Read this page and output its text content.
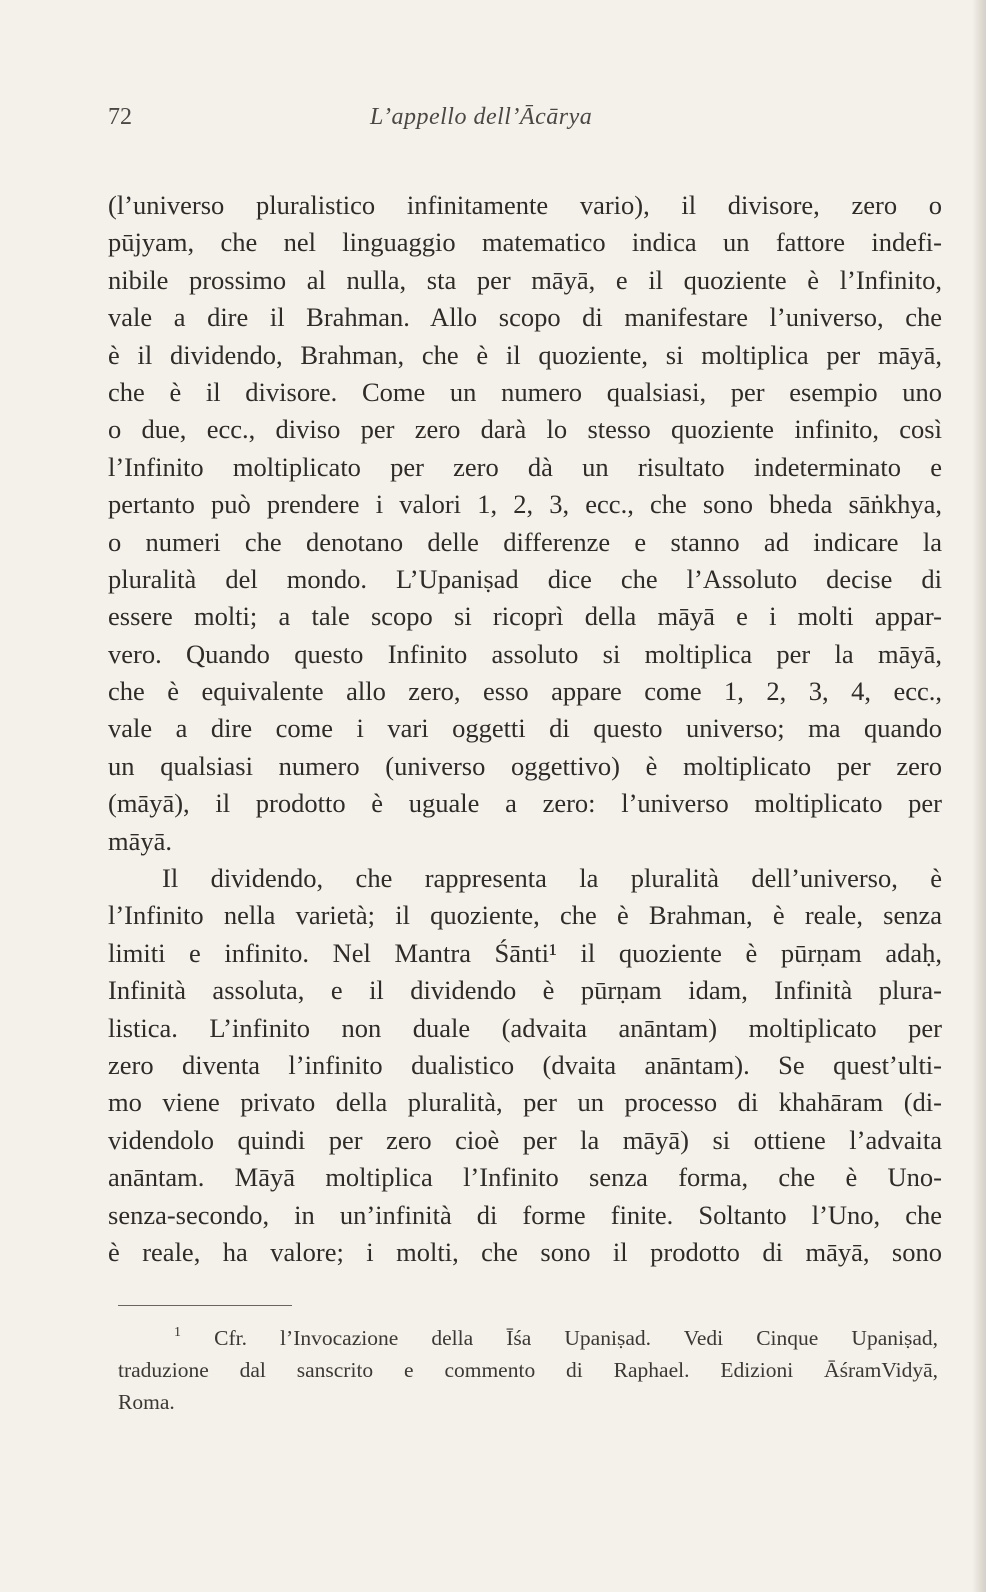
72	L’appello dell’Ācārya
(l’universo pluralistico infinitamente vario), il divisore, zero o
pūjyam, che nel linguaggio matematico indica un fattore indefi-
nibile prossimo al nulla, sta per māyā, e il quoziente è l’Infinito,
vale a dire il Brahman. Allo scopo di manifestare l’universo, che
è il dividendo, Brahman, che è il quoziente, si moltiplica per māyā,
che è il divisore. Come un numero qualsiasi, per esempio uno
o due, ecc., diviso per zero darà lo stesso quoziente infinito, così
l’Infinito moltiplicato per zero dà un risultato indeterminato e
pertanto può prendere i valori 1, 2, 3, ecc., che sono bheda sāṅkhya,
o numeri che denotano delle differenze e stanno ad indicare la
pluralità del mondo. L’Upaniṣad dice che l’Assoluto decise di
essere molti; a tale scopo si ricoprì della māyā e i molti appar-
vero. Quando questo Infinito assoluto si moltiplica per la māyā,
che è equivalente allo zero, esso appare come 1, 2, 3, 4, ecc.,
vale a dire come i vari oggetti di questo universo; ma quando
un qualsiasi numero (universo oggettivo) è moltiplicato per zero
(māyā), il prodotto è uguale a zero: l’universo moltiplicato per
māyā.
Il dividendo, che rappresenta la pluralità dell’universo, è
l’Infinito nella varietà; il quoziente, che è Brahman, è reale, senza
limiti e infinito. Nel Mantra Śānti¹ il quoziente è pūrṇam adaḥ,
Infinità assoluta, e il dividendo è pūrṇam idam, Infinità plura-
listica. L’infinito non duale (advaita anāntam) moltiplicato per
zero diventa l’infinito dualistico (dvaita anāntam). Se quest’ulti-
mo viene privato della pluralità, per un processo di khahāram (di-
videndolo quindi per zero cioè per la māyā) si ottiene l’advaita
anāntam. Māyā moltiplica l’Infinito senza forma, che è Uno-
senza-secondo, in un’infinità di forme finite. Soltanto l’Uno, che
è reale, ha valore; i molti, che sono il prodotto di māyā, sono
$^1$ Cfr. l’Invocazione della Īśa Upaniṣad. Vedi Cinque Upaniṣad,
traduzione dal sanscrito e commento di Raphael. Edizioni ĀśramVidyā,
Roma.
